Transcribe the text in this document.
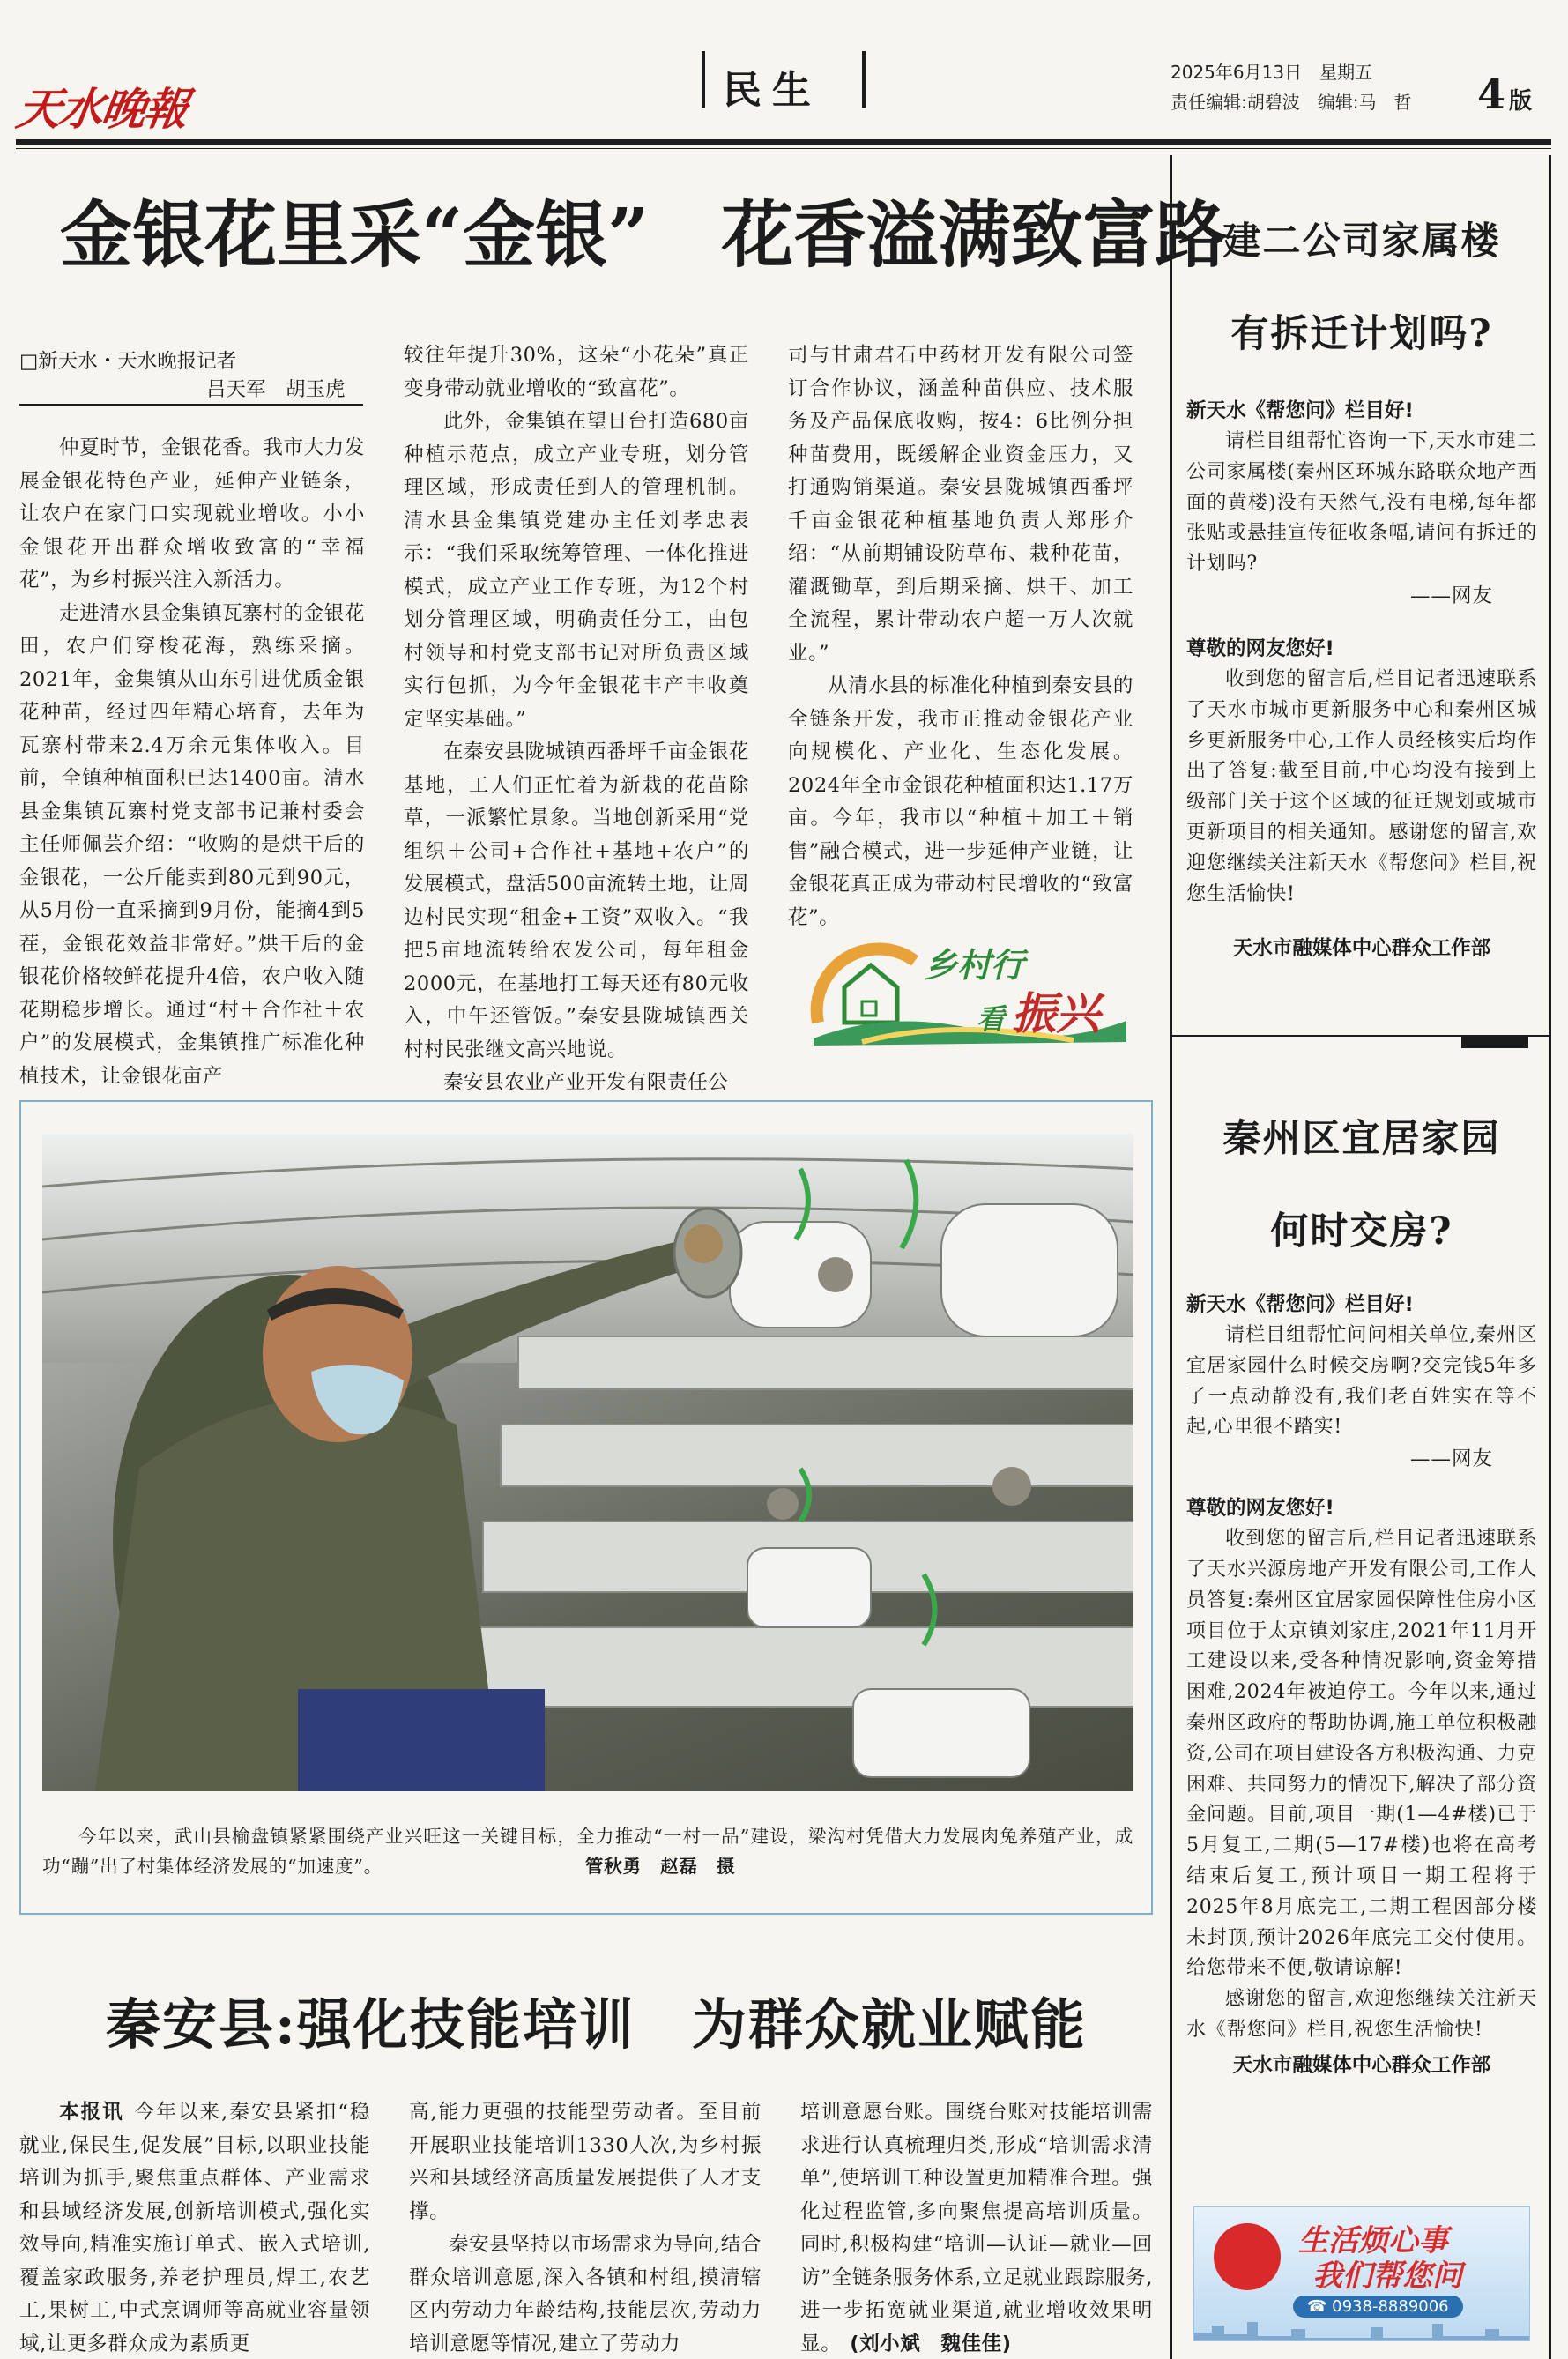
天水晚報	民生	2025年6月13日　星期五
责任编辑:胡碧波　编辑:马　哲 4 版
金银花里采“金银”　花香溢满致富路
□新天水・天水晚报记者
吕天军　胡玉虎

仲夏时节，金银花香。我市大力发展金银花特色产业，延伸产业链条，让农户在家门口实现就业增收。小小金银花开出群众增收致富的“幸福花”，为乡村振兴注入新活力。

走进清水县金集镇瓦寨村的金银花田，农户们穿梭花海，熟练采摘。2021年，金集镇从山东引进优质金银花种苗，经过四年精心培育，去年为瓦寨村带来2.4万余元集体收入。目前，全镇种植面积已达1400亩。清水县金集镇瓦寨村党支部书记兼村委会主任师佩芸介绍：“收购的是烘干后的金银花，一公斤能卖到80元到90元，从5月份一直采摘到9月份，能摘4到5茬，金银花效益非常好。”烘干后的金银花价格较鲜花提升4倍，农户收入随花期稳步增长。通过“村＋合作社＋农户”的发展模式，金集镇推广标准化种植技术，让金银花亩产

较往年提升30%，这朵“小花朵”真正变身带动就业增收的“致富花”。

此外，金集镇在望日台打造680亩种植示范点，成立产业专班，划分管理区域，形成责任到人的管理机制。清水县金集镇党建办主任刘孝忠表示：“我们采取统筹管理、一体化推进模式，成立产业工作专班，为12个村划分管理区域，明确责任分工，由包村领导和村党支部书记对所负责区域实行包抓，为今年金银花丰产丰收奠定坚实基础。”

在秦安县陇城镇西番坪千亩金银花基地，工人们正忙着为新栽的花苗除草，一派繁忙景象。当地创新采用“党组织＋公司+合作社+基地+农户”的发展模式，盘活500亩流转土地，让周边村民实现“租金+工资”双收入。“我把5亩地流转给农发公司，每年租金2000元，在基地打工每天还有80元收入，中午还管饭。”秦安县陇城镇西关村村民张继文高兴地说。

秦安县农业产业开发有限责任公

司与甘肃君石中药材开发有限公司签订合作协议，涵盖种苗供应、技术服务及产品保底收购，按4：6比例分担种苗费用，既缓解企业资金压力，又打通购销渠道。秦安县陇城镇西番坪千亩金银花种植基地负责人郑彤介绍：“从前期铺设防草布、栽种花苗，灌溉锄草，到后期采摘、烘干、加工全流程，累计带动农户超一万人次就业。”

从清水县的标准化种植到秦安县的全链条开发，我市正推动金银花产业向规模化、产业化、生态化发展。2024年全市金银花种植面积达1.17万亩。今年，我市以“种植＋加工＋销售”融合模式，进一步延伸产业链，让金银花真正成为带动村民增收的“致富花”。

乡村行
看 振兴
今年以来，武山县榆盘镇紧紧围绕产业兴旺这一关键目标，全力推动“一村一品”建设，梁沟村凭借大力发展肉兔养殖产业，成功“蹦”出了村集体经济发展的“加速度”。	管秋勇　赵磊　摄
秦安县:强化技能培训　为群众就业赋能

本报讯 今年以来,秦安县紧扣“稳就业,保民生,促发展”目标,以职业技能培训为抓手,聚焦重点群体、产业需求和县域经济发展,创新培训模式,强化实效导向,精准实施订单式、嵌入式培训,覆盖家政服务,养老护理员,焊工,农艺工,果树工,中式烹调师等高就业容量领域,让更多群众成为素质更

高,能力更强的技能型劳动者。至目前开展职业技能培训1330人次,为乡村振兴和县域经济高质量发展提供了人才支撑。

秦安县坚持以市场需求为导向,结合群众培训意愿,深入各镇和村组,摸清辖区内劳动力年龄结构,技能层次,劳动力培训意愿等情况,建立了劳动力

培训意愿台账。围绕台账对技能培训需求进行认真梳理归类,形成“培训需求清单”,使培训工种设置更加精准合理。强化过程监管,多向聚焦提高培训质量。同时,积极构建“培训—认证—就业—回访”全链条服务体系,立足就业跟踪服务,进一步拓宽就业渠道,就业增收效果明显。 (刘小斌　魏佳佳)

建二公司家属楼
有拆迁计划吗?
新天水《帮您问》栏目好!

请栏目组帮忙咨询一下,天水市建二公司家属楼(秦州区环城东路联众地产西面的黄楼)没有天然气,没有电梯,每年都张贴或悬挂宣传征收条幅,请问有拆迁的计划吗?

——网友
尊敬的网友您好!

收到您的留言后,栏目记者迅速联系了天水市城市更新服务中心和秦州区城乡更新服务中心,工作人员经核实后均作出了答复:截至目前,中心均没有接到上级部门关于这个区域的征迁规划或城市更新项目的相关通知。感谢您的留言,欢迎您继续关注新天水《帮您问》栏目,祝您生活愉快!

天水市融媒体中心群众工作部
秦州区宜居家园
何时交房?
新天水《帮您问》栏目好!

请栏目组帮忙问问相关单位,秦州区宜居家园什么时候交房啊?交完钱5年多了一点动静没有,我们老百姓实在等不起,心里很不踏实!

——网友
尊敬的网友您好!

收到您的留言后,栏目记者迅速联系了天水兴源房地产开发有限公司,工作人员答复:秦州区宜居家园保障性住房小区项目位于太京镇刘家庄,2021年11月开工建设以来,受各种情况影响,资金筹措困难,2024年被迫停工。今年以来,通过秦州区政府的帮助协调,施工单位积极融资,公司在项目建设各方积极沟通、力克困难、共同努力的情况下,解决了部分资金问题。目前,项目一期(1—4#楼)已于5月复工,二期(5—17#楼)也将在高考结束后复工,预计项目一期工程将于2025年8月底完工,二期工程因部分楼未封顶,预计2026年底完工交付使用。给您带来不便,敬请谅解!

感谢您的留言,欢迎您继续关注新天水《帮您问》栏目,祝您生活愉快!

天水市融媒体中心群众工作部
生活烦心事
我们帮您问
☎ 0938-8889006
